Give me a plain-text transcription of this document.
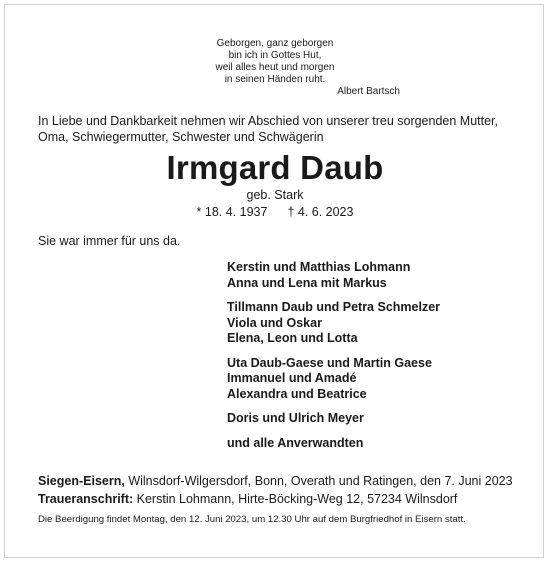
Geborgen, ganz geborgen
bin ich in Gottes Hut,
weil alles heut und morgen
in seinen Händen ruht.
Albert Bartsch
In Liebe und Dankbarkeit nehmen wir Abschied von unserer treu sorgenden Mutter,
Oma, Schwiegermutter, Schwester und Schwägerin
Irmgard Daub
geb. Stark
* 18. 4. 1937 † 4. 6. 2023
Sie war immer für uns da.
Kerstin und Matthias Lohmann
Anna und Lena mit Markus
Tillmann Daub und Petra Schmelzer
Viola und Oskar
Elena, Leon und Lotta
Uta Daub-Gaese und Martin Gaese
Immanuel und Amadé
Alexandra und Beatrice
Doris und Ulrich Meyer
und alle Anverwandten
Siegen-Eisern, Wilnsdorf-Wilgersdorf, Bonn, Overath und Ratingen, den 7. Juni 2023
Traueranschrift: Kerstin Lohmann, Hirte-Böcking-Weg 12, 57234 Wilnsdorf
Die Beerdigung findet Montag, den 12. Juni 2023, um 12.30 Uhr auf dem Burgfriedhof in Eisern statt.
